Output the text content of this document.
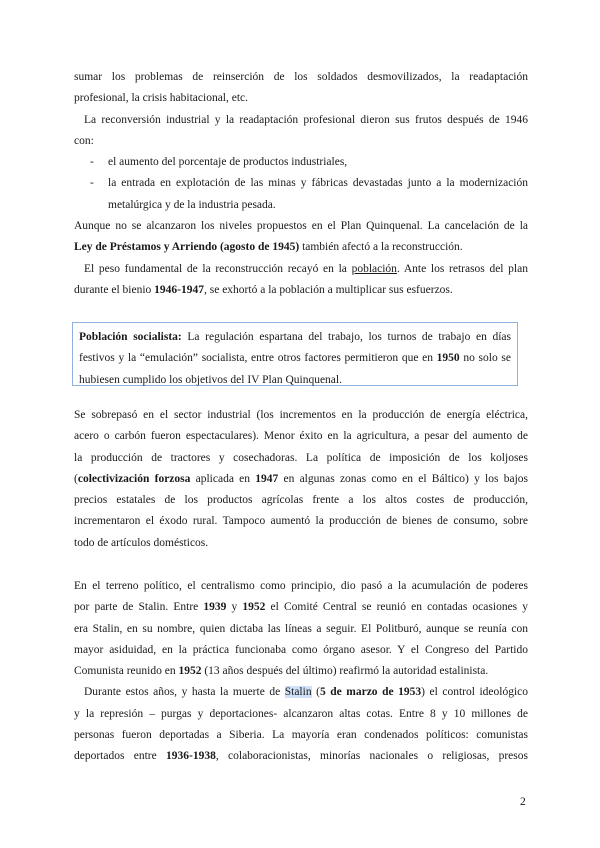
sumar los problemas de reinserción de los soldados desmovilizados, la readaptación

profesional, la crisis habitacional, etc.

La reconversión industrial y la readaptación profesional dieron sus frutos después de 1946

con:

- el aumento del porcentaje de productos industriales,

- la entrada en explotación de las minas y fábricas devastadas junto a la modernización

metalúrgica y de la industria pesada.

Aunque no se alcanzaron los niveles propuestos en el Plan Quinquenal. La cancelación de la

Ley de Préstamos y Arriendo (agosto de 1945) también afectó a la reconstrucción.

El peso fundamental de la reconstrucción recayó en la población. Ante los retrasos del plan

durante el bienio 1946-1947, se exhortó a la población a multiplicar sus esfuerzos.

Población socialista: La regulación espartana del trabajo, los turnos de trabajo en días

festivos y la “emulación” socialista, entre otros factores permitieron que en 1950 no solo se

hubiesen cumplido los objetivos del IV Plan Quinquenal.

Se sobrepasó en el sector industrial (los incrementos en la producción de energía eléctrica,

acero o carbón fueron espectaculares). Menor éxito en la agricultura, a pesar del aumento de

la producción de tractores y cosechadoras. La política de imposición de los koljoses

(colectivización forzosa aplicada en 1947 en algunas zonas como en el Báltico) y los bajos

precios estatales de los productos agrícolas frente a los altos costes de producción,

incrementaron el éxodo rural. Tampoco aumentó la producción de bienes de consumo, sobre

todo de artículos domésticos.

En el terreno político, el centralismo como principio, dio pasó a la acumulación de poderes

por parte de Stalin. Entre 1939 y 1952 el Comité Central se reunió en contadas ocasiones y

era Stalin, en su nombre, quien dictaba las líneas a seguir. El Politburó, aunque se reunía con

mayor asiduidad, en la práctica funcionaba como órgano asesor. Y el Congreso del Partido

Comunista reunido en 1952 (13 años después del último) reafirmó la autoridad estalinista.

Durante estos años, y hasta la muerte de Stalin (5 de marzo de 1953) el control ideológico

y la represión – purgas y deportaciones- alcanzaron altas cotas. Entre 8 y 10 millones de

personas fueron deportadas a Siberia. La mayoría eran condenados políticos: comunistas

deportados entre 1936-1938, colaboracionistas, minorías nacionales o religiosas, presos

2
